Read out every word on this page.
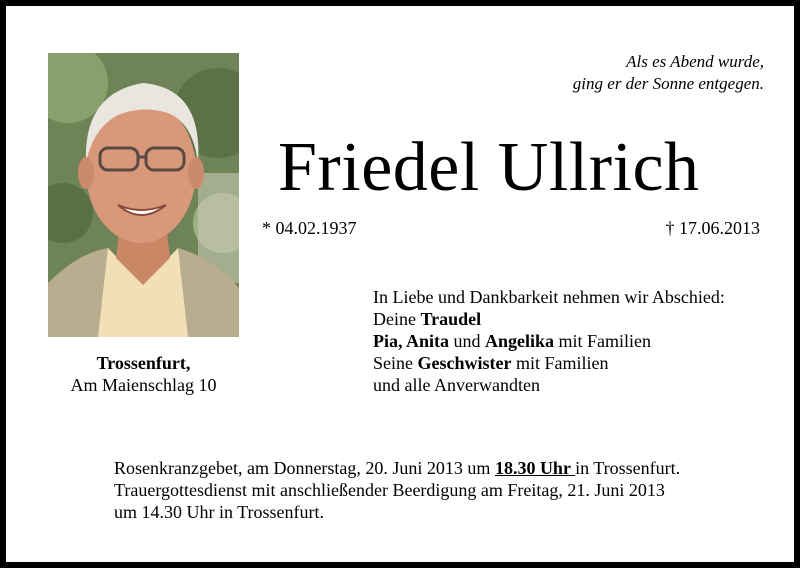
Als es Abend wurde,
ging er der Sonne entgegen.
Friedel Ullrich
* 04.02.1937	† 17.06.2013
Trossenfurt,
Am Maienschlag 10
In Liebe und Dankbarkeit nehmen wir Abschied:
Deine Traudel
Pia, Anita und Angelika mit Familien
Seine Geschwister mit Familien
und alle Anverwandten
Rosenkranzgebet, am Donnerstag, 20. Juni 2013 um 18.30 Uhr in Trossenfurt.
Trauergottesdienst mit anschließender Beerdigung am Freitag, 21. Juni 2013
um 14.30 Uhr in Trossenfurt.
